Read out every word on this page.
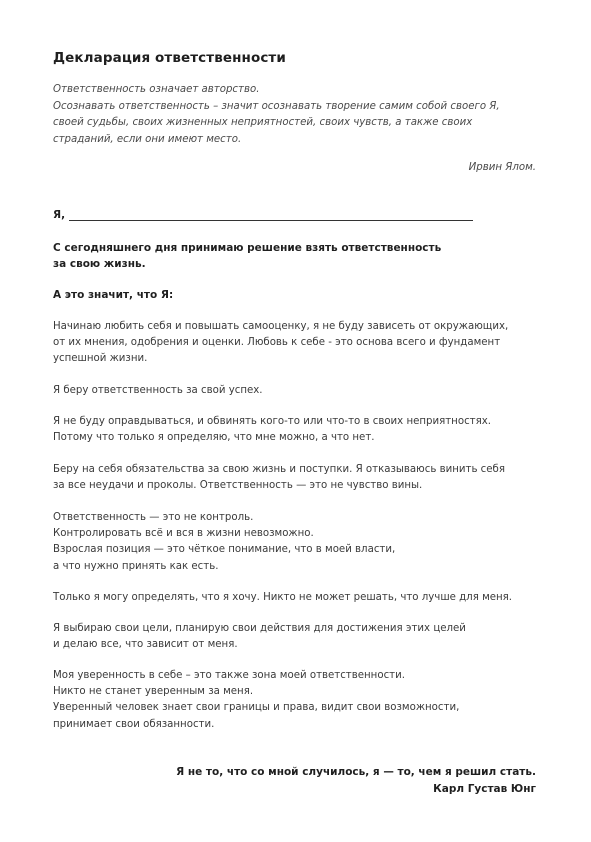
Декларация ответственности
Ответственность означает авторство.
Осознавать ответственность – значит осознавать творение самим собой своего Я,
своей судьбы, своих жизненных неприятностей, своих чувств, а также своих
страданий, если они имеют место.
Ирвин Ялом.
Я,
С сегодняшнего дня принимаю решение взять ответственность
за свою жизнь.
А это значит, что Я:
Начинаю любить себя и повышать самооценку, я не буду зависеть от окружающих,
от их мнения, одобрения и оценки. Любовь к себе - это основа всего и фундамент
успешной жизни.
Я беру ответственность за свой успех.
Я не буду оправдываться, и обвинять кого-то или что-то в своих неприятностях.
Потому что только я определяю, что мне можно, а что нет.
Беру на себя обязательства за свою жизнь и поступки. Я отказываюсь винить себя
за все неудачи и проколы. Ответственность — это не чувство вины.
Ответственность — это не контроль.
Контролировать всё и вся в жизни невозможно.
Взрослая позиция — это чёткое понимание, что в моей власти,
а что нужно принять как есть.
Только я могу определять, что я хочу. Никто не может решать, что лучше для меня.
Я выбираю свои цели, планирую свои действия для достижения этих целей
и делаю все, что зависит от меня.
Моя уверенность в себе – это также зона моей ответственности.
Никто не станет уверенным за меня.
Уверенный человек знает свои границы и права, видит свои возможности,
принимает свои обязанности.
Я не то, что со мной случилось, я — то, чем я решил стать.
Карл Густав Юнг
